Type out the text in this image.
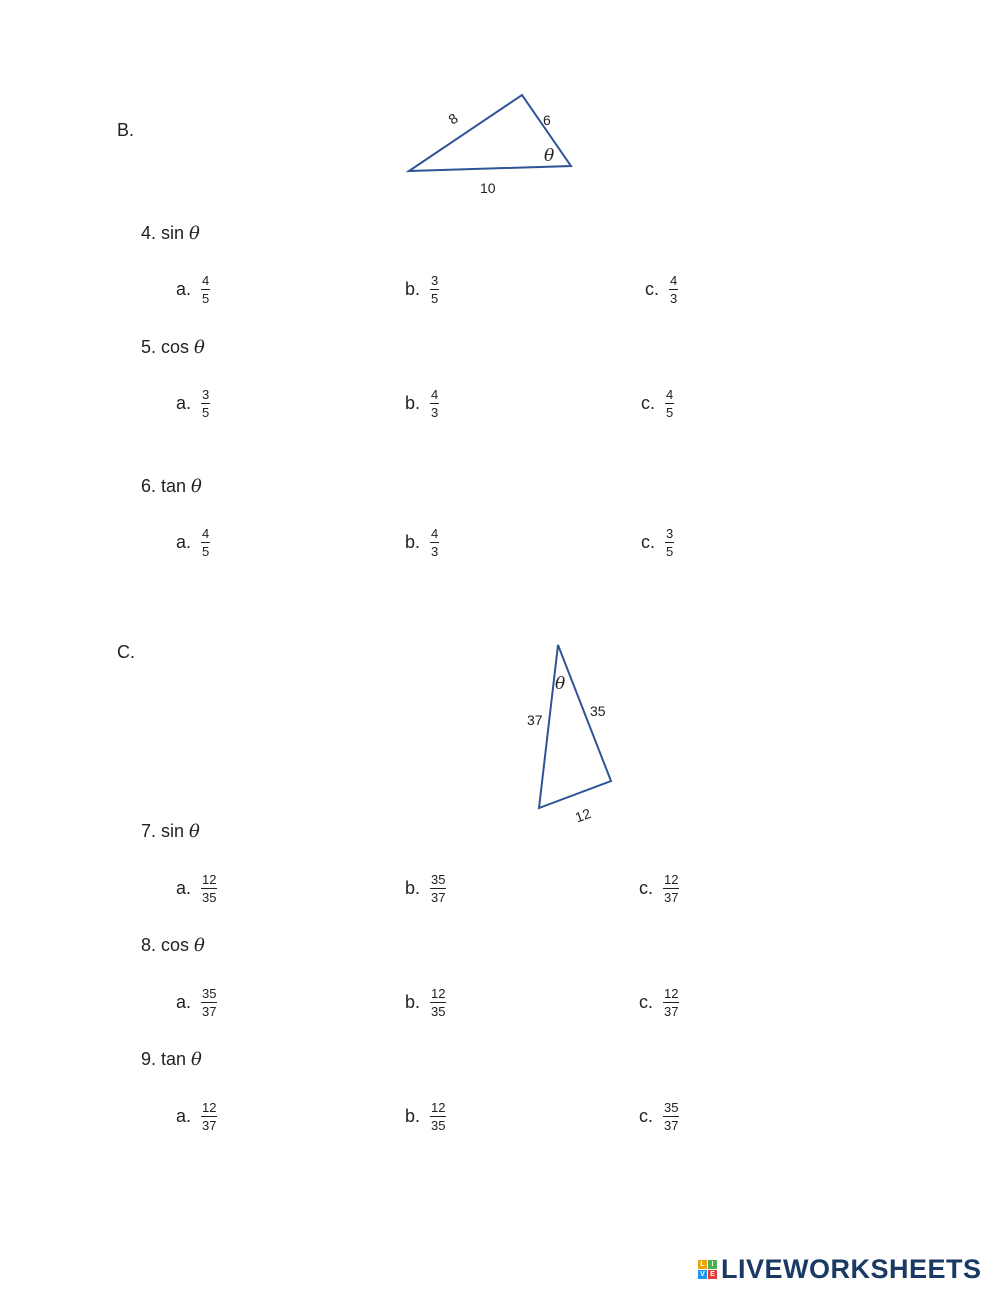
B.
C.
8	6
10
θ
37
35
12
θ
4. sin θ
a. $\frac{4}{5}$	b. $\frac{3}{5}$	c. $\frac{4}{3}$
5. cos θ
a. $\frac{3}{5}$	b. $\frac{4}{3}$	c. $\frac{4}{5}$
6. tan θ
a. $\frac{4}{5}$	b. $\frac{4}{3}$	c. $\frac{3}{5}$
7. sin θ
a. $\frac{12}{35}$	b. $\frac{35}{37}$	c. $\frac{12}{37}$
8. cos θ
a. $\frac{35}{37}$	b. $\frac{12}{35}$	c. $\frac{12}{37}$
9. tan θ
a. $\frac{12}{37}$	b. $\frac{12}{35}$	c. $\frac{35}{37}$
L I
V E LIVEWORKSHEETS
